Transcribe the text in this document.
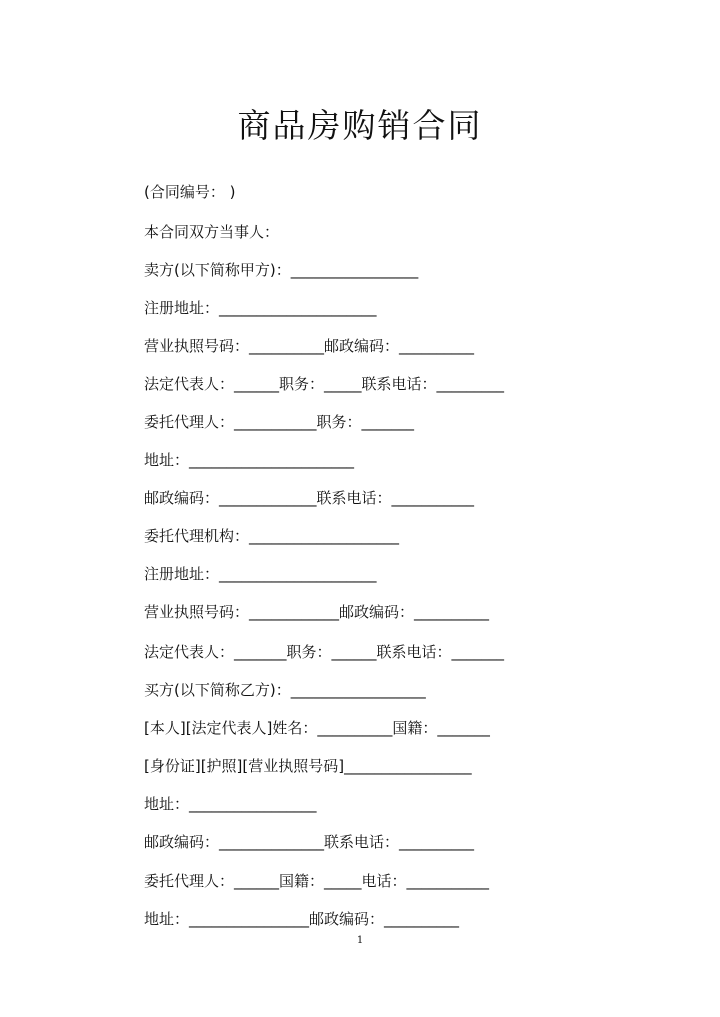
商品房购销合同
(合同编号： )
本合同双方当事人：
卖方(以下简称甲方)：_________________
注册地址：_____________________
营业执照号码：__________邮政编码：__________
法定代表人：______职务：_____联系电话：_________
委托代理人：___________职务：_______
地址：______________________
邮政编码：_____________联系电话：___________
委托代理机构：____________________
注册地址：_____________________
营业执照号码：____________邮政编码：__________
法定代表人：_______职务：______联系电话：_______
买方(以下简称乙方)：__________________
[本人][法定代表人]姓名：__________国籍：_______
[身份证][护照][营业执照号码]_________________
地址：_________________
邮政编码：______________联系电话：__________
委托代理人：______国籍：_____电话：___________
地址：________________邮政编码：__________
1
